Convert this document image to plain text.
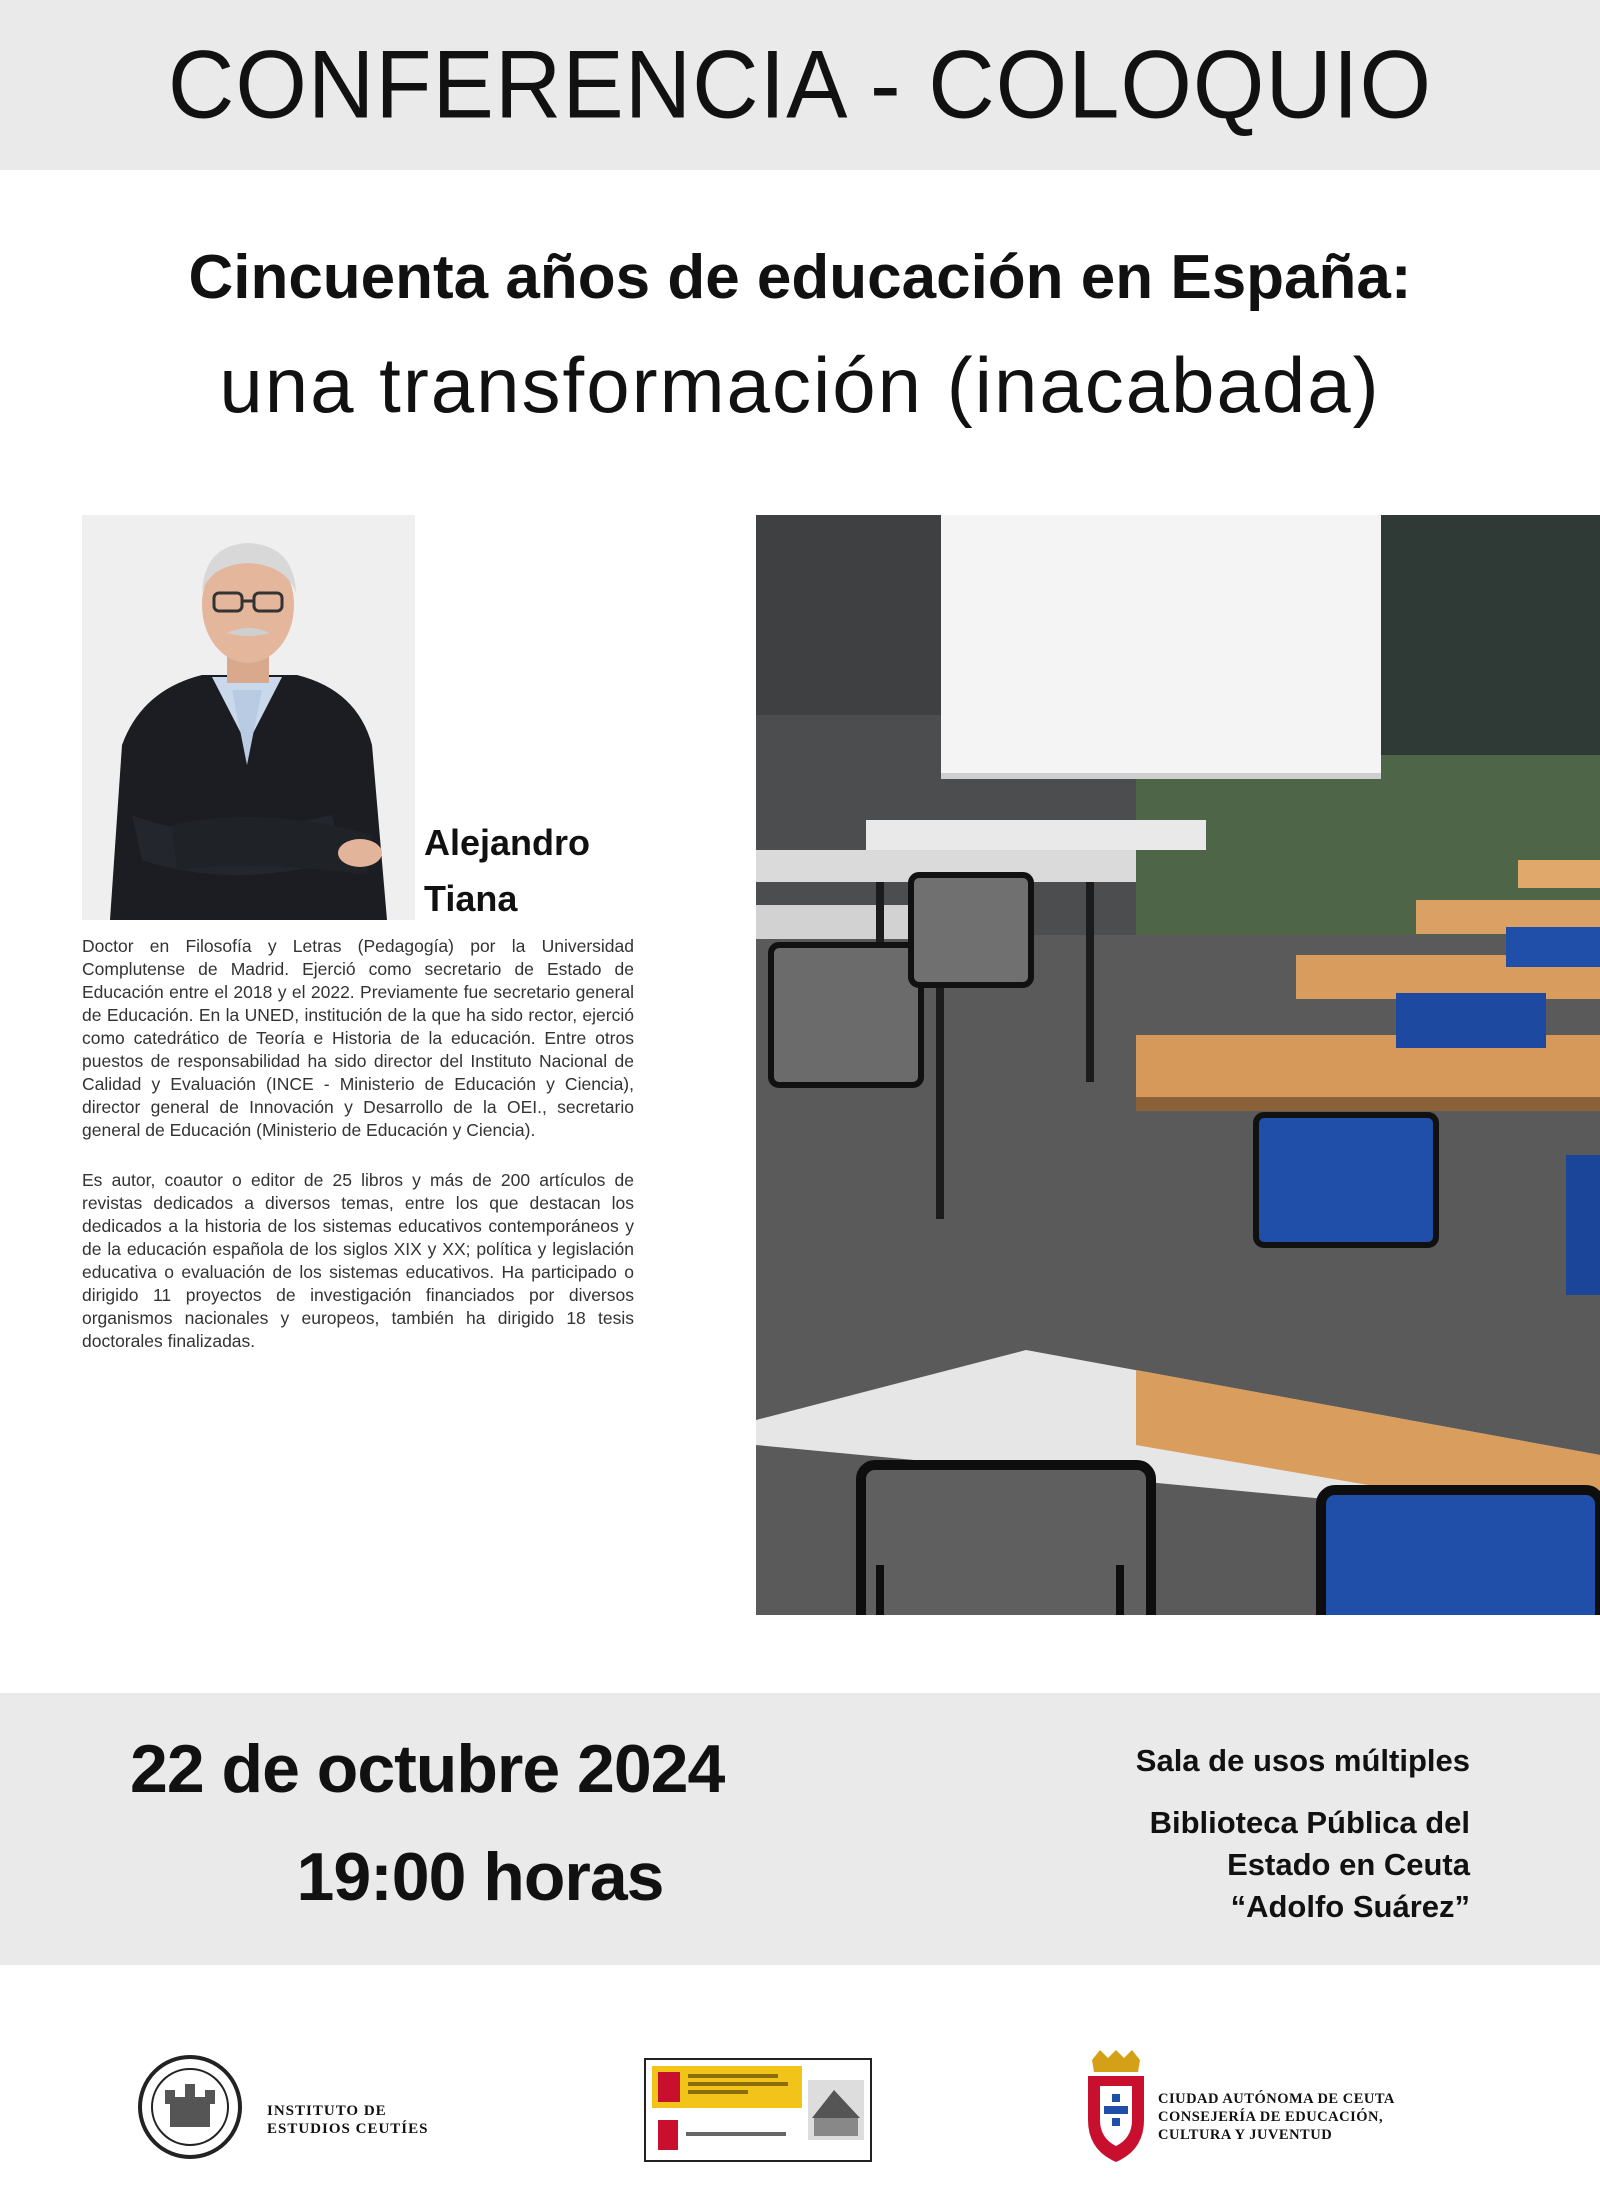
CONFERENCIA - COLOQUIO
Cincuenta años de educación en España:
una transformación (inacabada)
Alejandro
Tiana

Doctor en Filosofía y Letras (Pedagogía) por la Universidad Complutense de Madrid. Ejerció como secretario de Estado de Educación entre el 2018 y el 2022. Previamente fue secretario general de Educación. En la UNED, institución de la que ha sido rector, ejerció como catedrático de Teoría e Historia de la educación. Entre otros puestos de responsabilidad ha sido director del Instituto Nacional de Calidad y Evaluación (INCE - Ministerio de Educación y Ciencia), director general de Innovación y Desarrollo de la OEI., secretario general de Educación (Ministerio de Educación y Ciencia).

Es autor, coautor o editor de 25 libros y más de 200 artículos de revistas dedicados a diversos temas, entre los que destacan los dedicados a la historia de los sistemas educativos contemporáneos y de la educación española de los siglos XIX y XX; política y legislación educativa o evaluación de los sistemas educativos. Ha participado o dirigido 11 proyectos de investigación financiados por diversos organismos nacionales y europeos, también ha dirigido 18 tesis doctorales finalizadas.

22 de octubre 2024
19:00 horas
Sala de usos múltiples
Biblioteca Pública del
Estado en Ceuta
“Adolfo Suárez”
INSTITUTO DE
ESTUDIOS CEUTÍES
CIUDAD AUTÓNOMA DE CEUTA
CONSEJERÍA DE EDUCACIÓN,
CULTURA Y JUVENTUD
